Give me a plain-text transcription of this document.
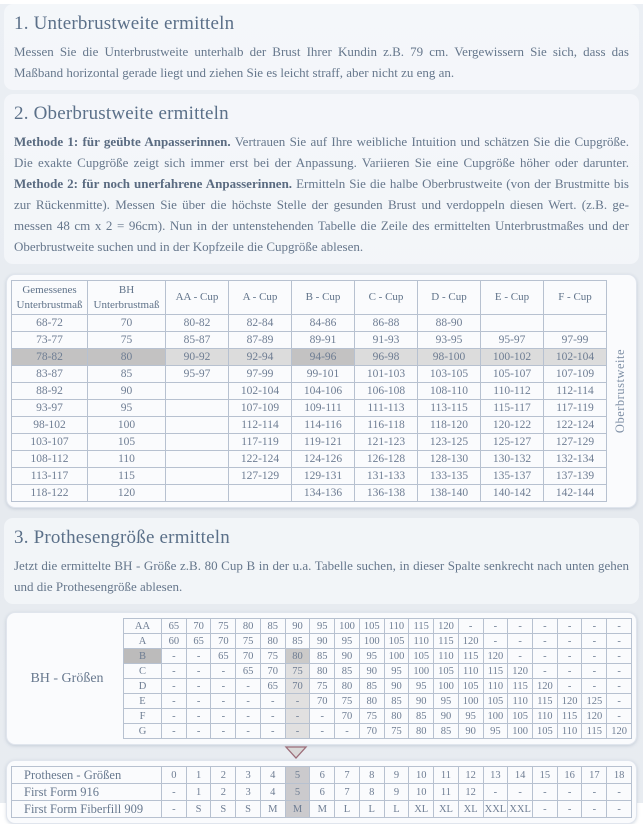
1. Unterbrustweite ermitteln

Messen Sie die Unterbrustweite unterhalb der Brust Ihrer Kundin z.B. 79 cm. Vergewissern Sie sich, dass das Maßband horizontal gerade liegt und ziehen Sie es leicht straff, aber nicht zu eng an.

2. Oberbrustweite ermitteln

Methode 1: für geübte Anpasserinnen. Vertrauen Sie auf Ihre weibliche Intuition und schätzen Sie die Cupgröße. Die exakte Cupgröße zeigt sich immer erst bei der Anpassung. Variieren Sie eine Cupgröße höher oder darunter. Methode 2: für noch unerfahrene Anpasserinnen. Ermitteln Sie die halbe Oberbrustweite (von der Brustmitte bis zur Rückenmitte). Messen Sie über die höchste Stelle der gesunden Brust und verdoppeln diesen Wert. (z.B. gemessen 48 cm x 2 = 96cm). Nun in der untenstehenden Tabelle die Zeile des ermittelten Unterbrustmaßes und der Oberbrustweite suchen und in der Kopfzeile die Cupgröße ablesen.

Gemessenes Unterbrustmaß	BH Unterbrustmaß	AA - Cup	A - Cup	B - Cup	C - Cup	D - Cup	E - Cup	F - Cup
68-72	70	80-82	82-84	84-86	86-88	88-90		
73-77	75	85-87	87-89	89-91	91-93	93-95	95-97	97-99
78-82	80	90-92	92-94	94-96	96-98	98-100	100-102	102-104
83-87	85	95-97	97-99	99-101	101-103	103-105	105-107	107-109
88-92	90		102-104	104-106	106-108	108-110	110-112	112-114
93-97	95		107-109	109-111	111-113	113-115	115-117	117-119
98-102	100		112-114	114-116	116-118	118-120	120-122	122-124
103-107	105		117-119	119-121	121-123	123-125	125-127	127-129
108-112	110		122-124	124-126	126-128	128-130	130-132	132-134
113-117	115		127-129	129-131	131-133	133-135	135-137	137-139
118-122	120			134-136	136-138	138-140	140-142	142-144
Oberbrustweite
3. Prothesengröße ermitteln

Jetzt die ermittelte BH - Größe z.B. 80 Cup B in der u.a. Tabelle suchen, in dieser Spalte senkrecht nach unten gehen und die Prothesengröße ablesen.

BH - Größen
AA	65	70	75	80	85	90	95	100	105	110	115	120	-	-	-	-	-	-	-
A	60	65	70	75	80	85	90	95	100	105	110	115	120	-	-	-	-	-	-
B	-	-	65	70	75	80	85	90	95	100	105	110	115	120	-	-	-	-	-
C	-	-	-	65	70	75	80	85	90	95	100	105	110	115	120	-	-	-	-
D	-	-	-	-	65	70	75	80	85	90	95	100	105	110	115	120	-	-	-
E	-	-	-	-	-	-	70	75	80	85	90	95	100	105	110	115	120	125	-
F	-	-	-	-	-	-	-	70	75	80	85	90	95	100	105	110	115	120	-
G	-	-	-	-	-	-	-	-	70	75	80	85	90	95	100	105	110	115	120
Prothesen - Größen	0	1	2	3	4	5	6	7	8	9	10	11	12	13	14	15	16	17	18
First Form 916	-	1	2	3	4	5	6	7	8	9	10	11	12	-	-	-	-	-	-
First Form Fiberfill 909	-	S	S	S	M	M	M	L	L	L	XL	XL	XL	XXL	XXL	-	-	-	-
